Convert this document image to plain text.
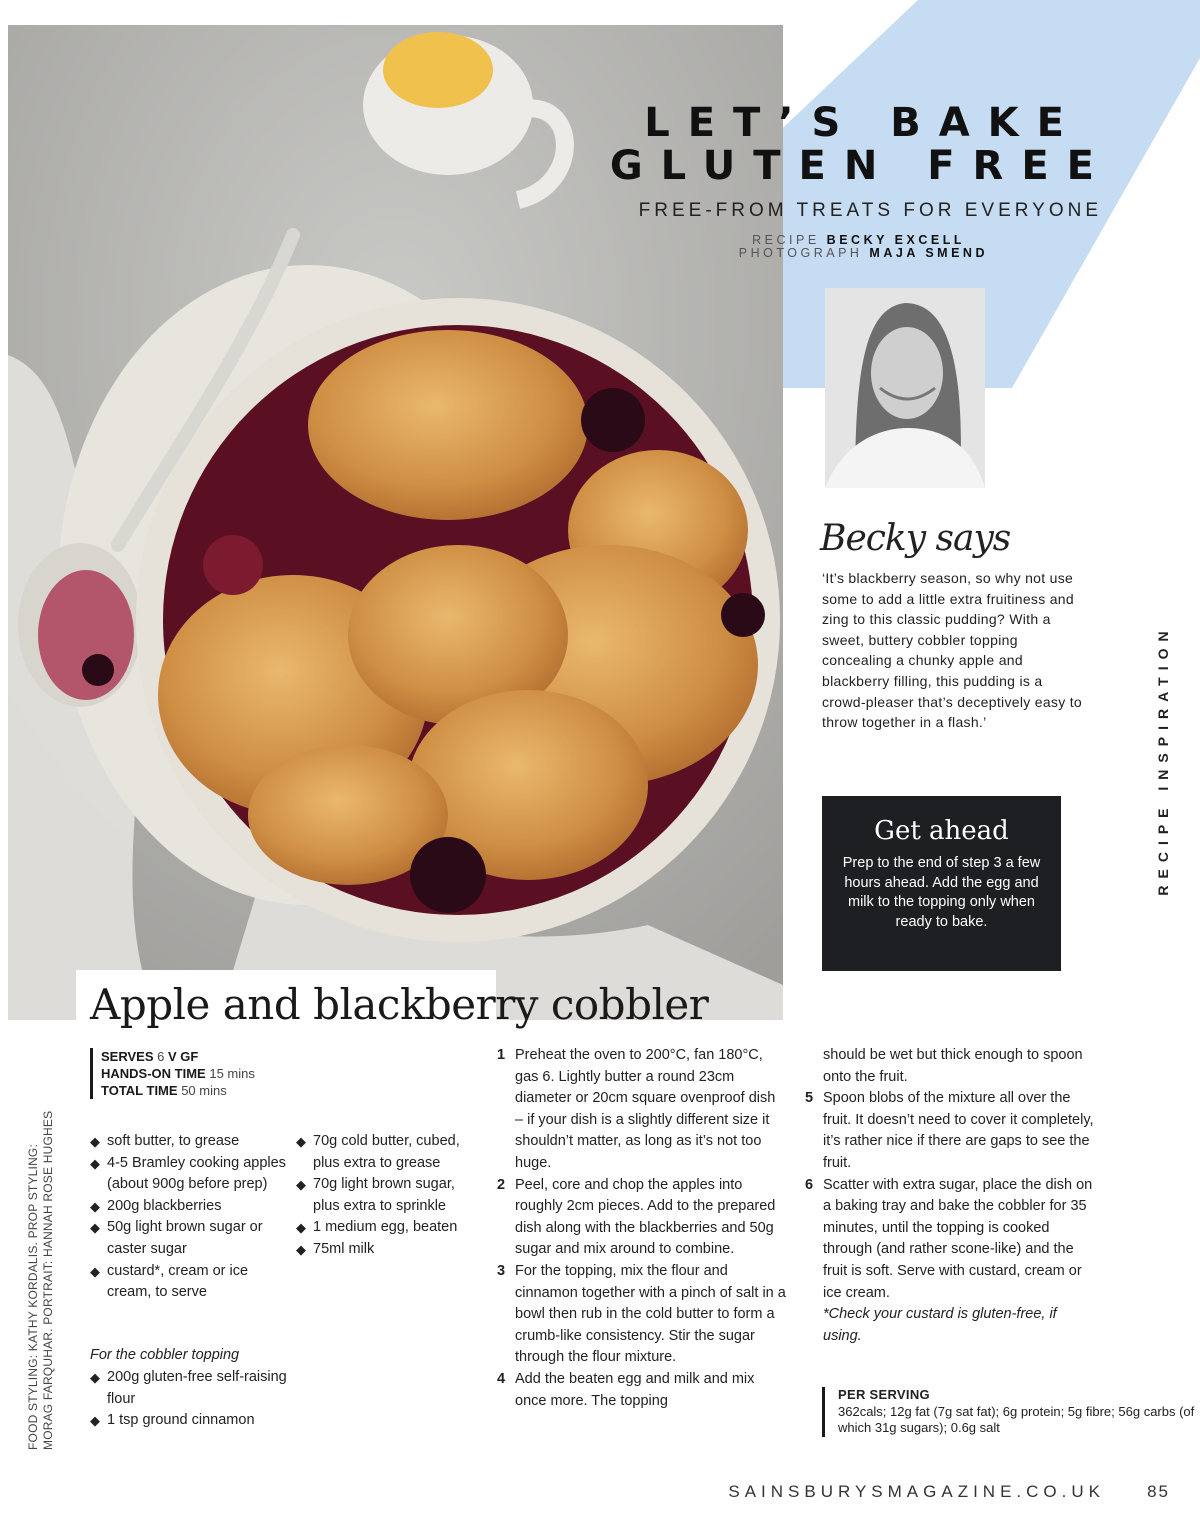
LET’S BAKE
GLUTEN FREE
FREE-FROM TREATS FOR EVERYONE
RECIPE BECKY EXCELL
PHOTOGRAPH MAJA SMEND
Becky says
‘It’s blackberry season, so why not use some to add a little extra fruitiness and zing to this classic pudding? With a sweet, buttery cobbler topping concealing a chunky apple and blackberry filling, this pudding is a crowd-pleaser that’s deceptively easy to throw together in a flash.’
Get ahead
Prep to the end of step 3 a few hours ahead. Add the egg and milk to the topping only when ready to bake.
RECIPE INSPIRATION
FOOD STYLING: KATHY KORDALIS. PROP STYLING: MORAG FARQUHAR. PORTRAIT: HANNAH ROSE HUGHES
Apple and blackberry cobbler
SERVES 6 V GF
HANDS-ON TIME 15 mins
TOTAL TIME 50 mins
◆ soft butter, to grease
◆ 4-5 Bramley cooking apples (about 900g before prep)
◆ 200g blackberries
◆ 50g light brown sugar or caster sugar
◆ custard*, cream or ice cream, to serve
◆ 70g cold butter, cubed, plus extra to grease
◆ 70g light brown sugar, plus extra to sprinkle
◆ 1 medium egg, beaten
◆ 75ml milk
For the cobbler topping
◆ 200g gluten-free self-raising flour
◆ 1 tsp ground cinnamon
1 Preheat the oven to 200°C, fan 180°C, gas 6. Lightly butter a round 23cm diameter or 20cm square ovenproof dish – if your dish is a slightly different size it shouldn’t matter, as long as it’s not too huge.
2 Peel, core and chop the apples into roughly 2cm pieces. Add to the prepared dish along with the blackberries and 50g sugar and mix around to combine.
3 For the topping, mix the flour and cinnamon together with a pinch of salt in a bowl then rub in the cold butter to form a crumb-like consistency. Stir the sugar through the flour mixture.
4 Add the beaten egg and milk and mix once more. The topping
should be wet but thick enough to spoon onto the fruit.
5 Spoon blobs of the mixture all over the fruit. It doesn’t need to cover it completely, it’s rather nice if there are gaps to see the fruit.
6 Scatter with extra sugar, place the dish on a baking tray and bake the cobbler for 35 minutes, until the topping is cooked through (and rather scone-like) and the fruit is soft. Serve with custard, cream or ice cream.
*Check your custard is gluten-free, if using.
PER SERVING
362cals; 12g fat (7g sat fat); 6g protein; 5g fibre; 56g carbs (of which 31g sugars); 0.6g salt
SAINSBURYSMAGAZINE.CO.UK 85
